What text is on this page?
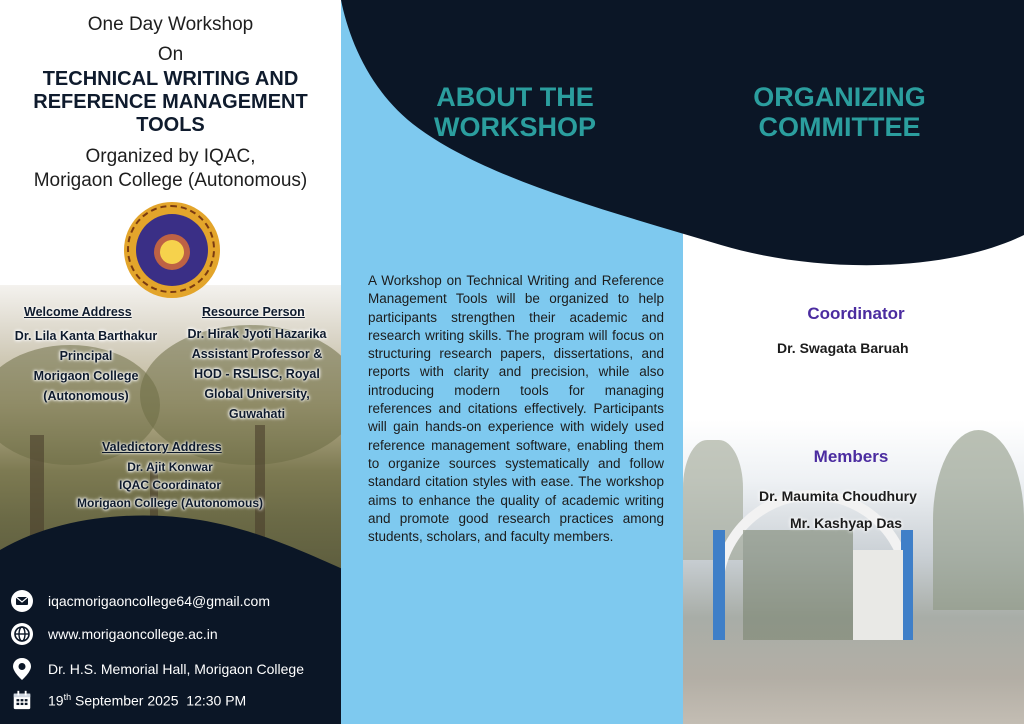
One Day Workshop
On
TECHNICAL WRITING AND REFERENCE MANAGEMENT TOOLS
Organized by IQAC,
Morigaon College (Autonomous)
Welcome Address
Dr. Lila Kanta Barthakur
Principal
Morigaon College
(Autonomous)
Resource Person
Dr. Hirak Jyoti Hazarika
Assistant Professor &
HOD - RSLISC, Royal
Global University,
Guwahati
Valedictory Address
Dr. Ajit Konwar
IQAC Coordinator
Morigaon College (Autonomous)
iqacmorigaoncollege64@gmail.com
www.morigaoncollege.ac.in
Dr. H.S. Memorial Hall, Morigaon College
19th September 2025  12:30 PM
ABOUT THE
WORKSHOP
A Workshop on Technical Writing and Reference Management Tools will be organized to help participants strengthen their academic and research writing skills. The program will focus on structuring research papers, dissertations, and reports with clarity and precision, while also introducing modern tools for managing references and citations effectively. Participants will gain hands-on experience with widely used reference management software, enabling them to organize sources systematically and follow standard citation styles with ease. The workshop aims to enhance the quality of academic writing and promote good research practices among students, scholars, and faculty members.
ORGANIZING
COMMITTEE
Coordinator
Dr. Swagata Baruah
Members
Dr. Maumita Choudhury
Mr. Kashyap Das
